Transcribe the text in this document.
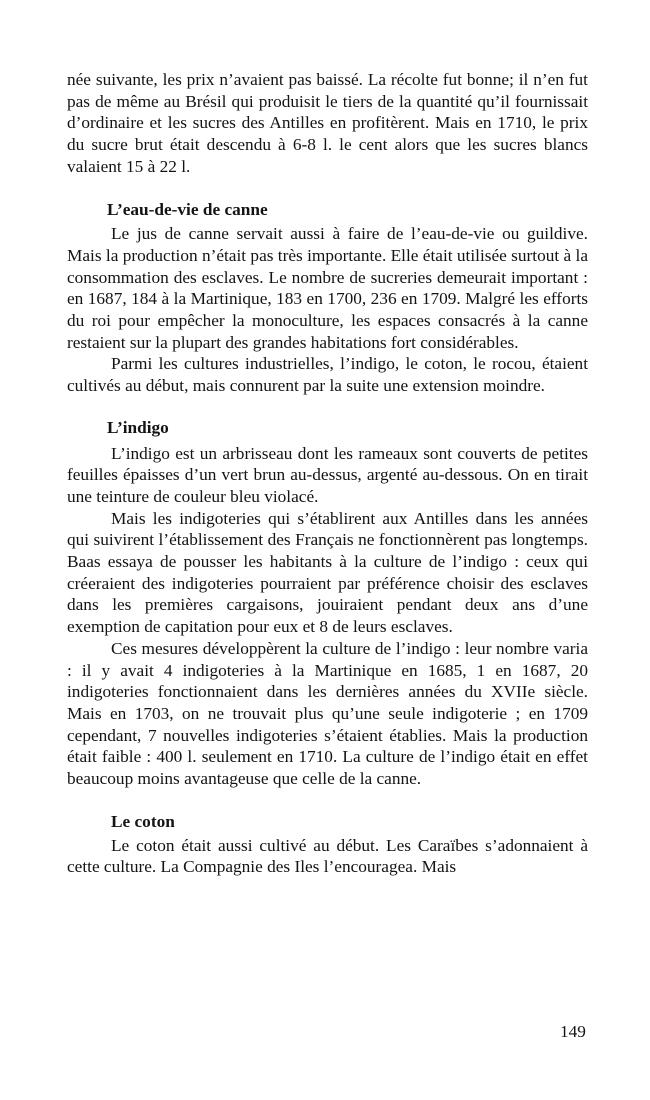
née suivante, les prix n’avaient pas baissé. La récolte fut bonne; il n’en fut pas de même au Brésil qui produisit le tiers de la quantité qu’il fournissait d’ordinaire et les sucres des Antilles en profitèrent. Mais en 1710, le prix du sucre brut était descendu à 6-8 l. le cent alors que les sucres blancs valaient 15 à 22 l.

L’eau-de-vie de canne

Le jus de canne servait aussi à faire de l’eau-de-vie ou guildive. Mais la production n’était pas très importante. Elle était utilisée surtout à la consommation des esclaves. Le nombre de sucreries demeurait important : en 1687, 184 à la Martinique, 183 en 1700, 236 en 1709. Malgré les efforts du roi pour empêcher la monoculture, les espaces consacrés à la canne restaient sur la plupart des grandes habitations fort considérables.

Parmi les cultures industrielles, l’indigo, le coton, le rocou, étaient cultivés au début, mais connurent par la suite une extension moindre.

L’indigo

L’indigo est un arbrisseau dont les rameaux sont couverts de petites feuilles épaisses d’un vert brun au-dessus, argenté au-dessous. On en tirait une teinture de couleur bleu violacé.

Mais les indigoteries qui s’établirent aux Antilles dans les années qui suivirent l’établissement des Français ne fonctionnèrent pas longtemps. Baas essaya de pousser les habitants à la culture de l’indigo : ceux qui créeraient des indigoteries pourraient par préférence choisir des esclaves dans les premières cargaisons, jouiraient pendant deux ans d’une exemption de capitation pour eux et 8 de leurs esclaves.

Ces mesures développèrent la culture de l’indigo : leur nombre varia : il y avait 4 indigoteries à la Martinique en 1685, 1 en 1687, 20 indigoteries fonctionnaient dans les dernières années du XVIIe siècle. Mais en 1703, on ne trouvait plus qu’une seule indigoterie ; en 1709 cependant, 7 nouvelles indigoteries s’étaient établies. Mais la production était faible : 400 l. seulement en 1710. La culture de l’indigo était en effet beaucoup moins avantageuse que celle de la canne.

Le coton

Le coton était aussi cultivé au début. Les Caraïbes s’adonnaient à cette culture. La Compagnie des Iles l’encouragea. Mais

149
